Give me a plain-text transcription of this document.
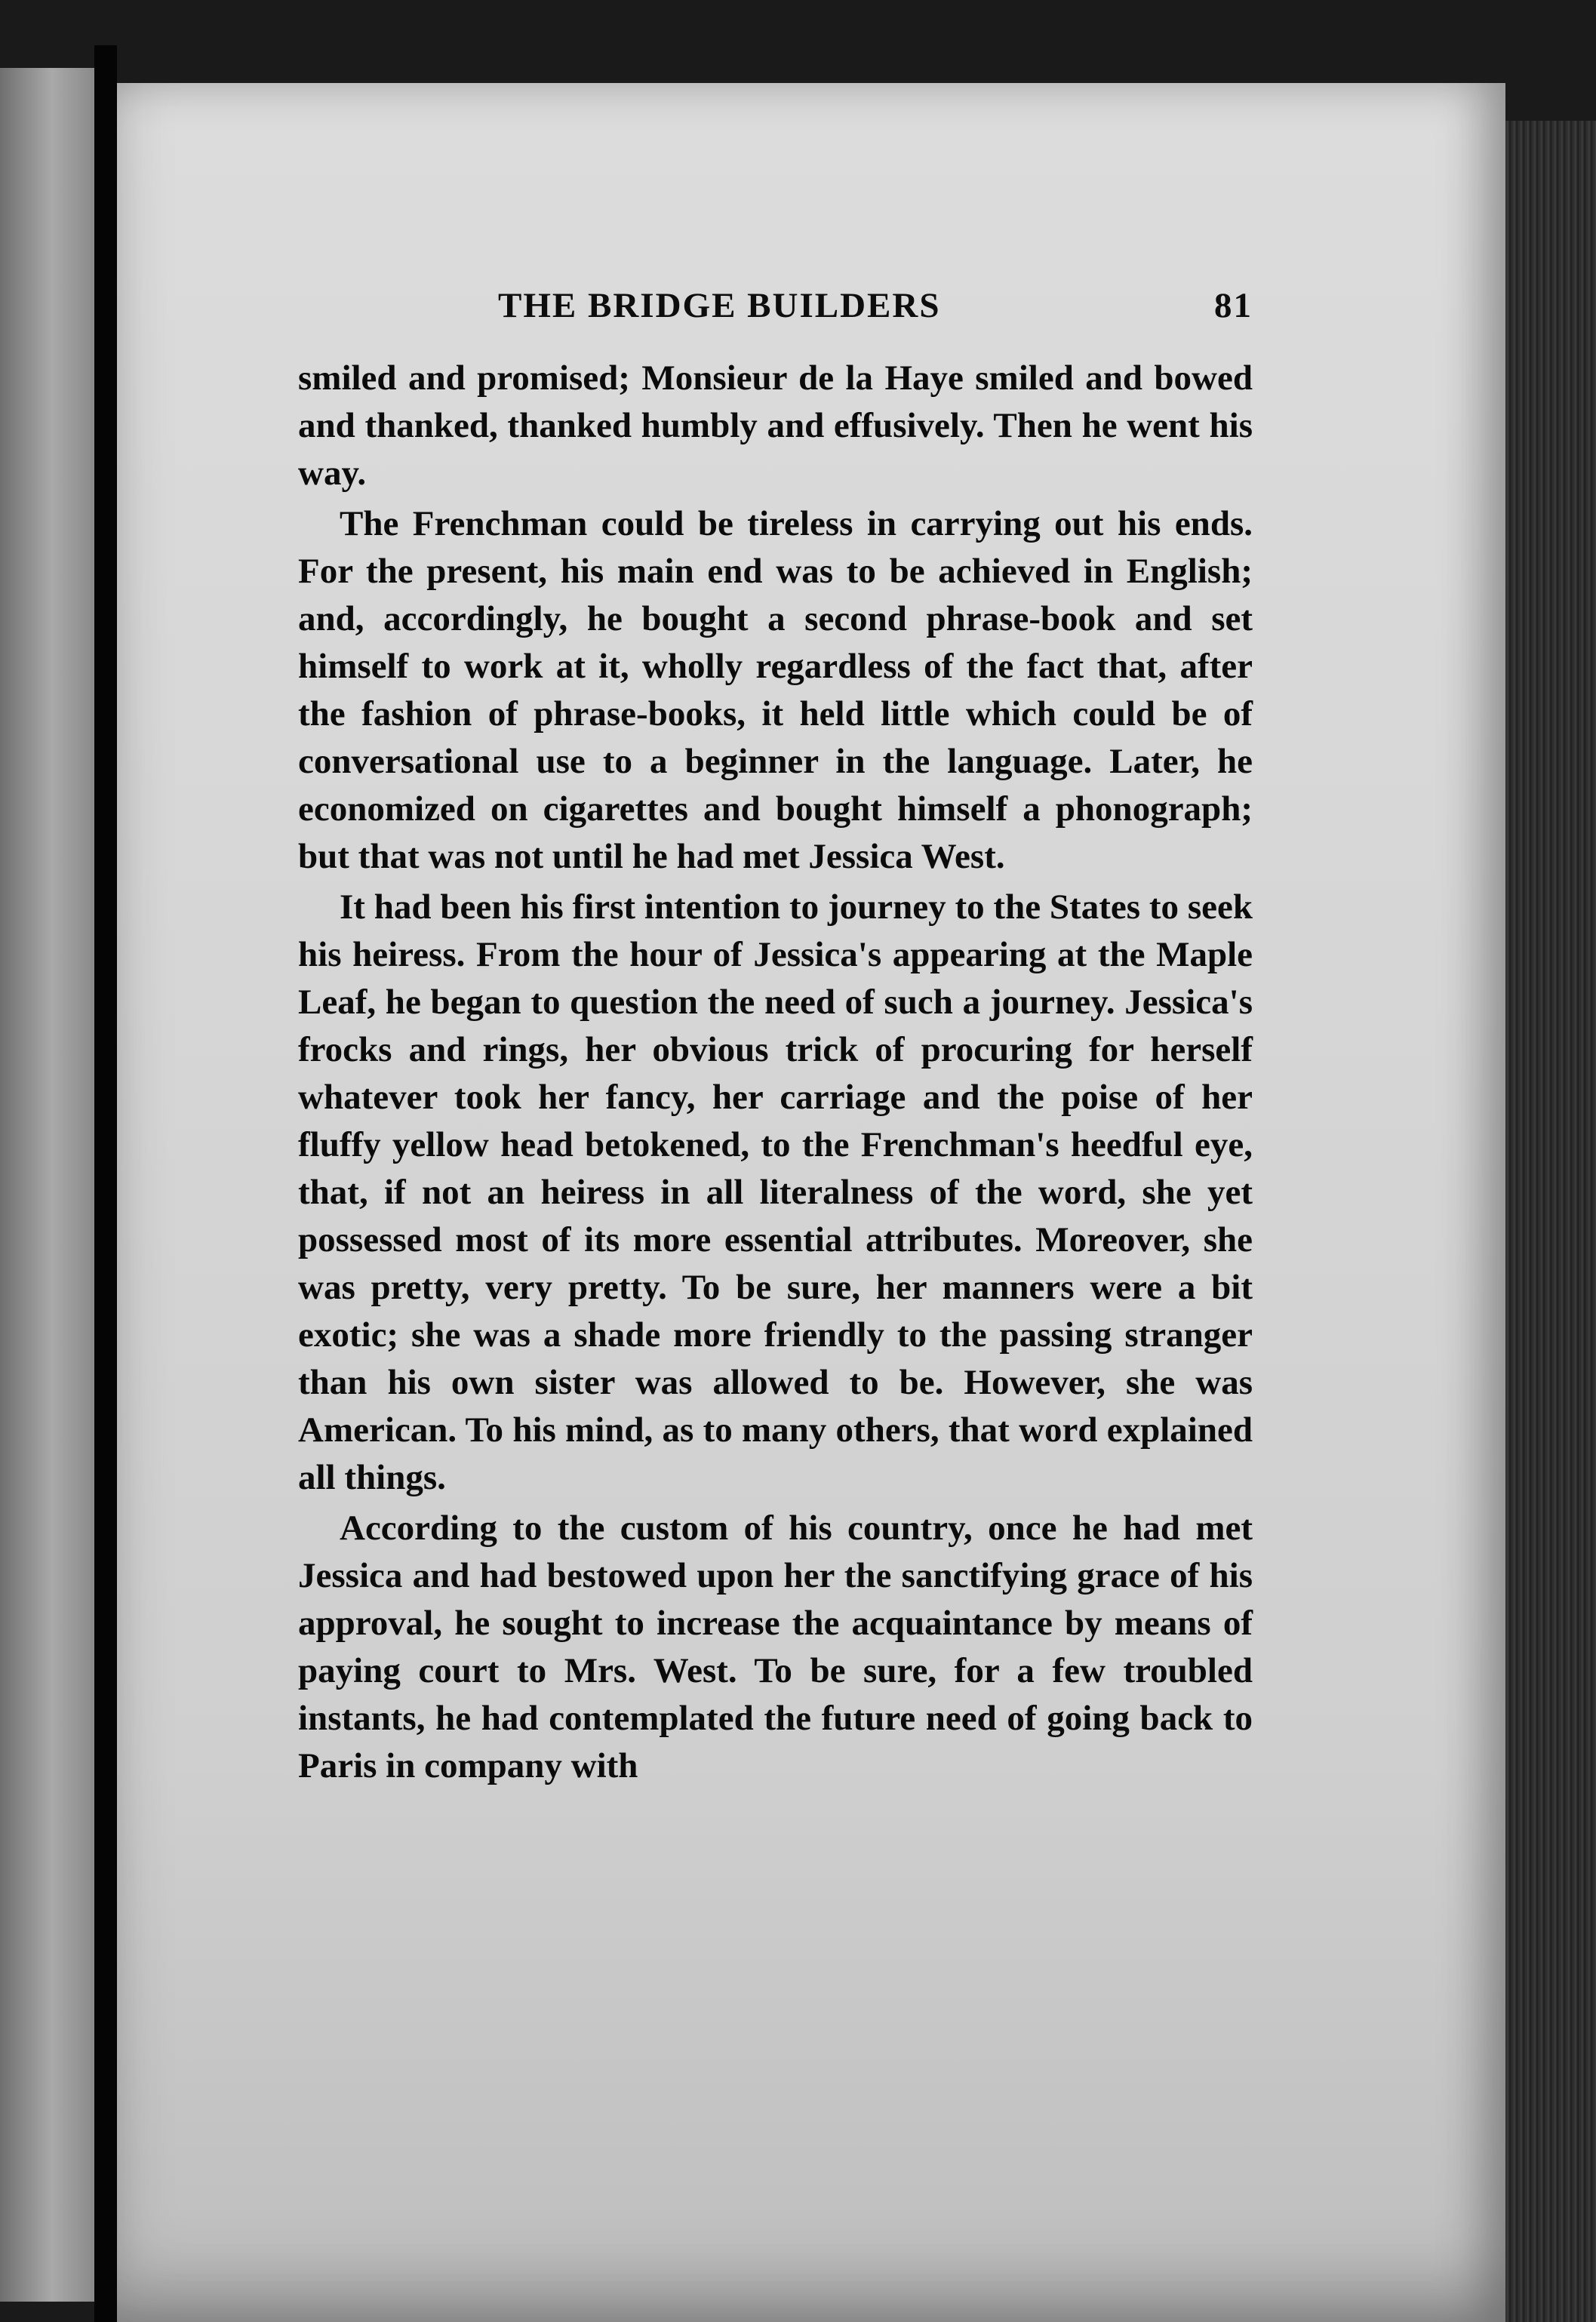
THE BRIDGE BUILDERS	81

smiled and promised; Monsieur de la Haye smiled and bowed and thanked, thanked humbly and effusively. Then he went his way.

The Frenchman could be tireless in carrying out his ends. For the present, his main end was to be achieved in English; and, accordingly, he bought a second phrase-book and set himself to work at it, wholly regardless of the fact that, after the fashion of phrase-books, it held little which could be of conversational use to a beginner in the language. Later, he economized on cigarettes and bought himself a phonograph; but that was not until he had met Jessica West.

It had been his first intention to journey to the States to seek his heiress. From the hour of Jessica's appearing at the Maple Leaf, he began to question the need of such a journey. Jessica's frocks and rings, her obvious trick of procuring for herself whatever took her fancy, her carriage and the poise of her fluffy yellow head betokened, to the Frenchman's heedful eye, that, if not an heiress in all literalness of the word, she yet possessed most of its more essential attributes. Moreover, she was pretty, very pretty. To be sure, her manners were a bit exotic; she was a shade more friendly to the passing stranger than his own sister was allowed to be. However, she was American. To his mind, as to many others, that word explained all things.

According to the custom of his country, once he had met Jessica and had bestowed upon her the sanctifying grace of his approval, he sought to increase the acquaintance by means of paying court to Mrs. West. To be sure, for a few troubled instants, he had contemplated the future need of going back to Paris in company with
